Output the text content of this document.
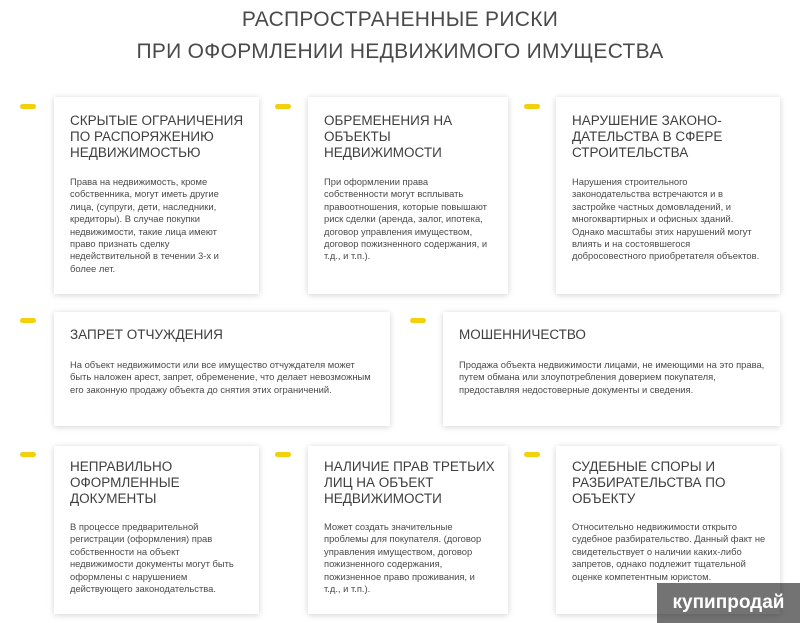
РАСПРОСТРАНЕННЫЕ РИСКИ
ПРИ ОФОРМЛЕНИИ НЕДВИЖИМОГО ИМУЩЕСТВА
СКРЫТЫЕ ОГРАНИЧЕНИЯ ПО РАСПОРЯЖЕНИЮ НЕДВИЖИМОСТЬЮ

Права на недвижимость, кроме собственника, могут иметь другие лица, (супруги, дети, наследники, кредиторы). В случае покупки недвижимости, такие лица имеют право признать сделку недействительной в течении 3-х и более лет.

ОБРЕМЕНЕНИЯ НА ОБЪЕКТЫ НЕДВИЖИМОСТИ

При оформлении права собственности могут всплывать правоотношения, которые повышают риск сделки (аренда, залог, ипотека, договор управления имуществом, договор пожизненного содержания, и т.д., и т.п.).

НАРУШЕНИЕ ЗАКОНО-ДАТЕЛЬСТВА В СФЕРЕ СТРОИТЕЛЬСТВА

Нарушения строительного законодательства встречаются и в застройке частных домовладений, и многоквартирных и офисных зданий. Однако масштабы этих нарушений могут влиять и на состоявшегося добросовестного приобретателя объектов.

ЗАПРЕТ ОТЧУЖДЕНИЯ

На объект недвижимости или все имущество отчуждателя может быть наложен арест, запрет, обременение, что делает невозможным его законную продажу объекта до снятия этих ограничений.

МОШЕННИЧЕСТВО

Продажа объекта недвижимости лицами, не имеющими на это права, путем обмана или злоупотребления доверием покупателя, предоставляя недостоверные документы и сведения.

НЕПРАВИЛЬНО ОФОРМЛЕННЫЕ ДОКУМЕНТЫ

В процессе предварительной регистрации (оформления) прав собственности на объект недвижимости документы могут быть оформлены с нарушением действующего законодательства.

НАЛИЧИЕ ПРАВ ТРЕТЬИХ ЛИЦ НА ОБЪЕКТ НЕДВИЖИМОСТИ

Может создать значительные проблемы для покупателя. (договор управления имуществом, договор пожизненного содержания, пожизненное право проживания, и т.д., и т.п.).

СУДЕБНЫЕ СПОРЫ И РАЗБИРАТЕЛЬСТВА ПО ОБЪЕКТУ

Относительно недвижимости открыто судебное разбирательство. Данный факт не свидетельствует о наличии каких-либо запретов, однако подлежит тщательной оценке компетентным юристом.

купипродай
